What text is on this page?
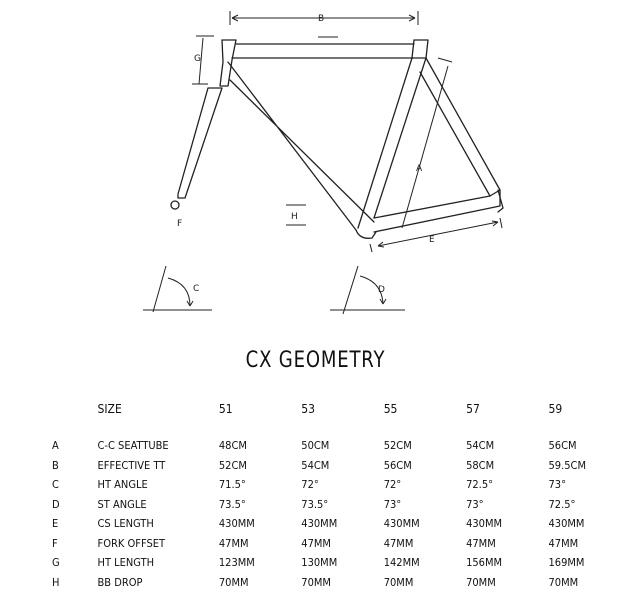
B
G
A
E
F
H
C	D
CX GEOMETRY
	SIZE	51	53	55	57	59
A	C-C SEATTUBE	48CM	50CM	52CM	54CM	56CM
B	EFFECTIVE TT	52CM	54CM	56CM	58CM	59.5CM
C	HT ANGLE	71.5°	72°	72°	72.5°	73°
D	ST ANGLE	73.5°	73.5°	73°	73°	72.5°
E	CS LENGTH	430MM	430MM	430MM	430MM	430MM
F	FORK OFFSET	47MM	47MM	47MM	47MM	47MM
G	HT LENGTH	123MM	130MM	142MM	156MM	169MM
H	BB DROP	70MM	70MM	70MM	70MM	70MM
